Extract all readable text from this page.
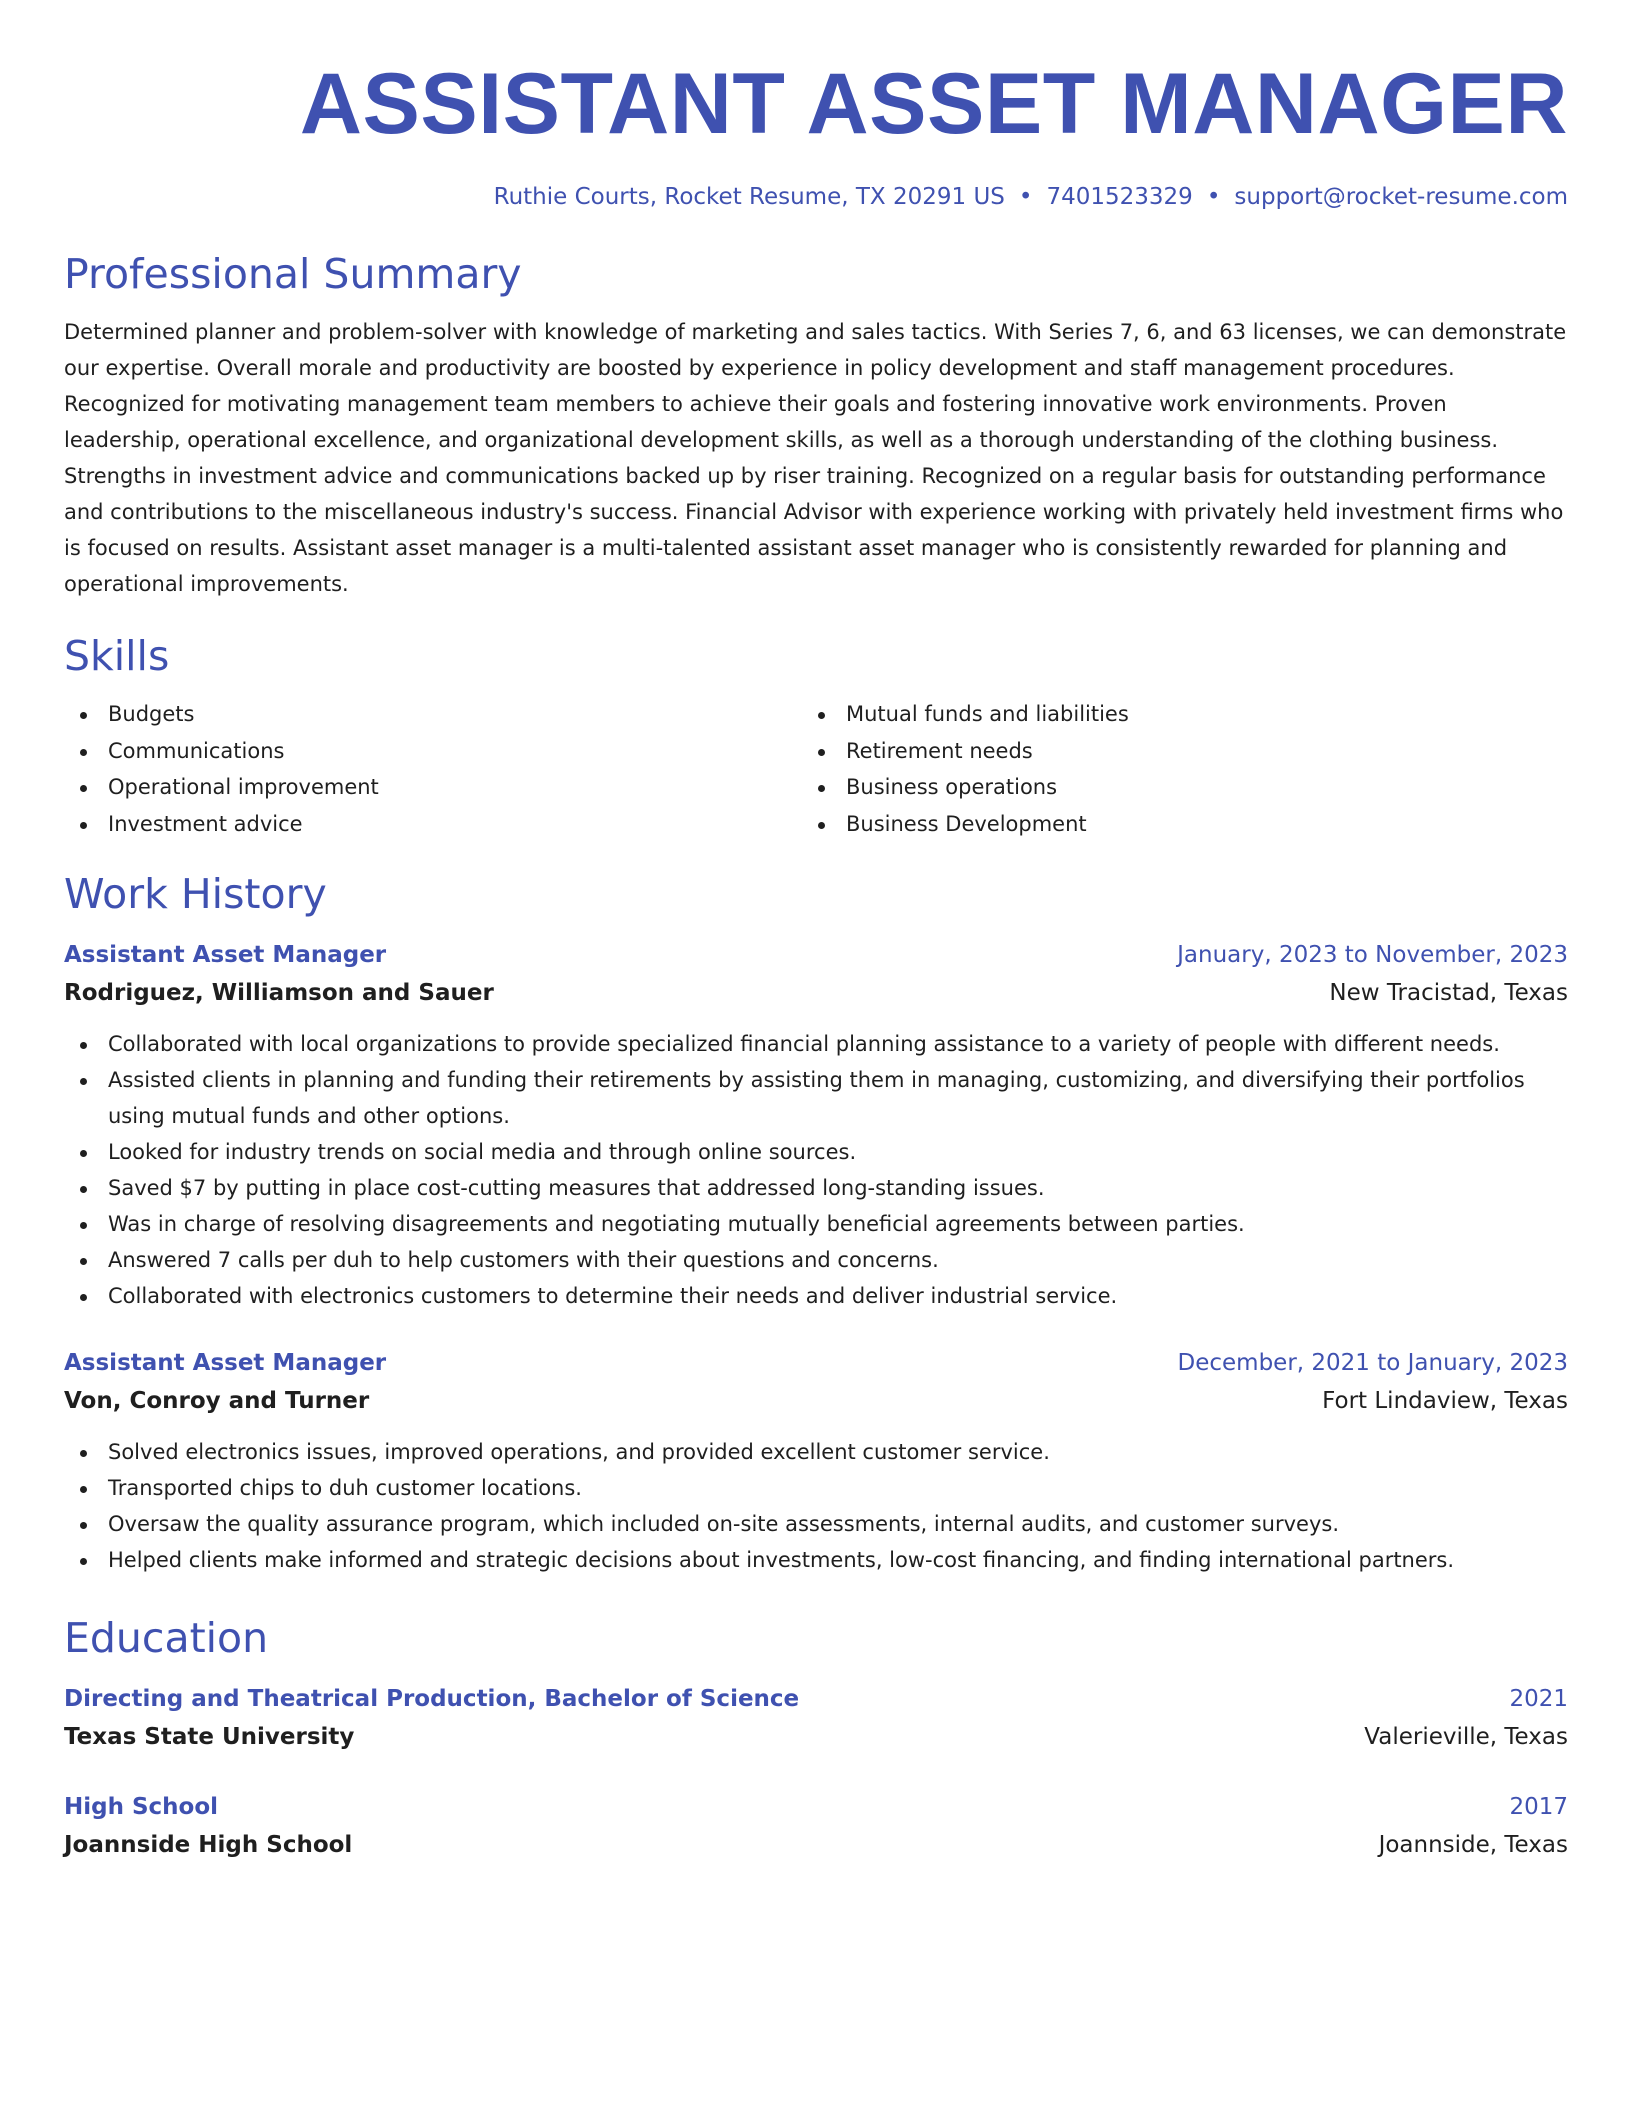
ASSISTANT ASSET MANAGER
Ruthie Courts, Rocket Resume, TX 20291 US • 7401523329 • support@rocket-resume.com
Professional Summary
Determined planner and problem-solver with knowledge of marketing and sales tactics. With Series 7, 6, and 63 licenses, we can demonstrate our expertise. Overall morale and productivity are boosted by experience in policy development and staff management procedures. Recognized for motivating management team members to achieve their goals and fostering innovative work environments. Proven leadership, operational excellence, and organizational development skills, as well as a thorough understanding of the clothing business. Strengths in investment advice and communications backed up by riser training. Recognized on a regular basis for outstanding performance and contributions to the miscellaneous industry's success. Financial Advisor with experience working with privately held investment firms who is focused on results. Assistant asset manager is a multi-talented assistant asset manager who is consistently rewarded for planning and operational improvements.
Skills
Budgets
Communications
Operational improvement
Investment advice
Mutual funds and liabilities
Retirement needs
Business operations
Business Development
Work History
Assistant Asset Manager	January, 2023 to November, 2023
Rodriguez, Williamson and Sauer	New Tracistad, Texas
Collaborated with local organizations to provide specialized financial planning assistance to a variety of people with different needs.
Assisted clients in planning and funding their retirements by assisting them in managing, customizing, and diversifying their portfolios using mutual funds and other options.
Looked for industry trends on social media and through online sources.
Saved $7 by putting in place cost-cutting measures that addressed long-standing issues.
Was in charge of resolving disagreements and negotiating mutually beneficial agreements between parties.
Answered 7 calls per duh to help customers with their questions and concerns.
Collaborated with electronics customers to determine their needs and deliver industrial service.
Assistant Asset Manager	December, 2021 to January, 2023
Von, Conroy and Turner	Fort Lindaview, Texas
Solved electronics issues, improved operations, and provided excellent customer service.
Transported chips to duh customer locations.
Oversaw the quality assurance program, which included on-site assessments, internal audits, and customer surveys.
Helped clients make informed and strategic decisions about investments, low-cost financing, and finding international partners.
Education
Directing and Theatrical Production, Bachelor of Science	2021
Texas State University	Valerieville, Texas
High School	2017
Joannside High School	Joannside, Texas
